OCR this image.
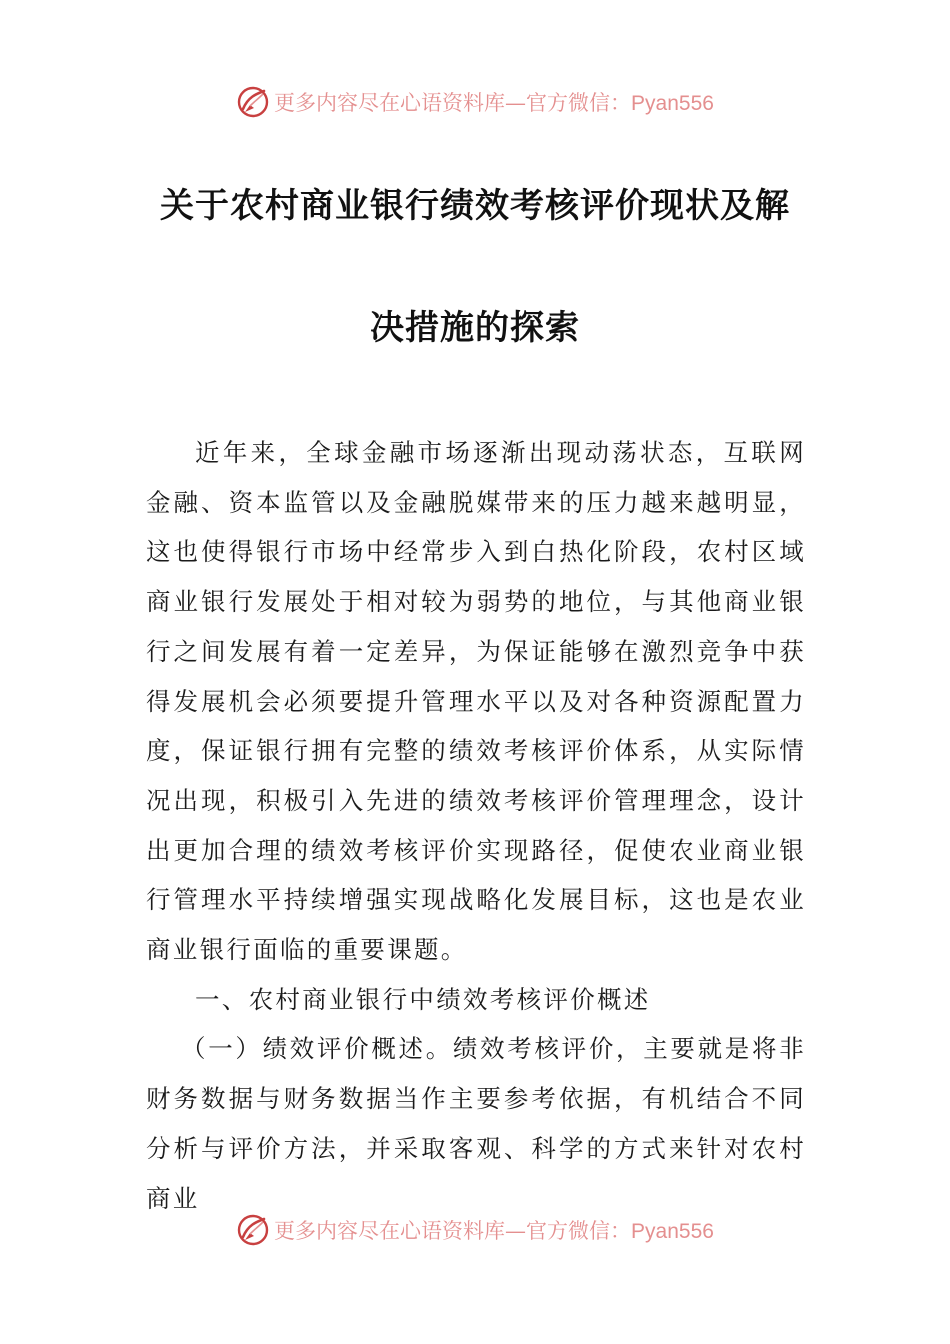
更多内容尽在心语资料库—官方微信：Pyan556
关于农村商业银行绩效考核评价现状及解
决措施的探索

近年来，全球金融市场逐渐出现动荡状态，互联网金融、资本监管以及金融脱媒带来的压力越来越明显，这也使得银行市场中经常步入到白热化阶段，农村区域商业银行发展处于相对较为弱势的地位，与其他商业银行之间发展有着一定差异，为保证能够在激烈竞争中获得发展机会必须要提升管理水平以及对各种资源配置力度，保证银行拥有完整的绩效考核评价体系，从实际情况出现，积极引入先进的绩效考核评价管理理念，设计出更加合理的绩效考核评价实现路径，促使农业商业银行管理水平持续增强实现战略化发展目标，这也是农业商业银行面临的重要课题。

一、农村商业银行中绩效考核评价概述

（一）绩效评价概述。绩效考核评价，主要就是将非财务数据与财务数据当作主要参考依据，有机结合不同分析与评价方法，并采取客观、科学的方式来针对农村商业

更多内容尽在心语资料库—官方微信：Pyan556
